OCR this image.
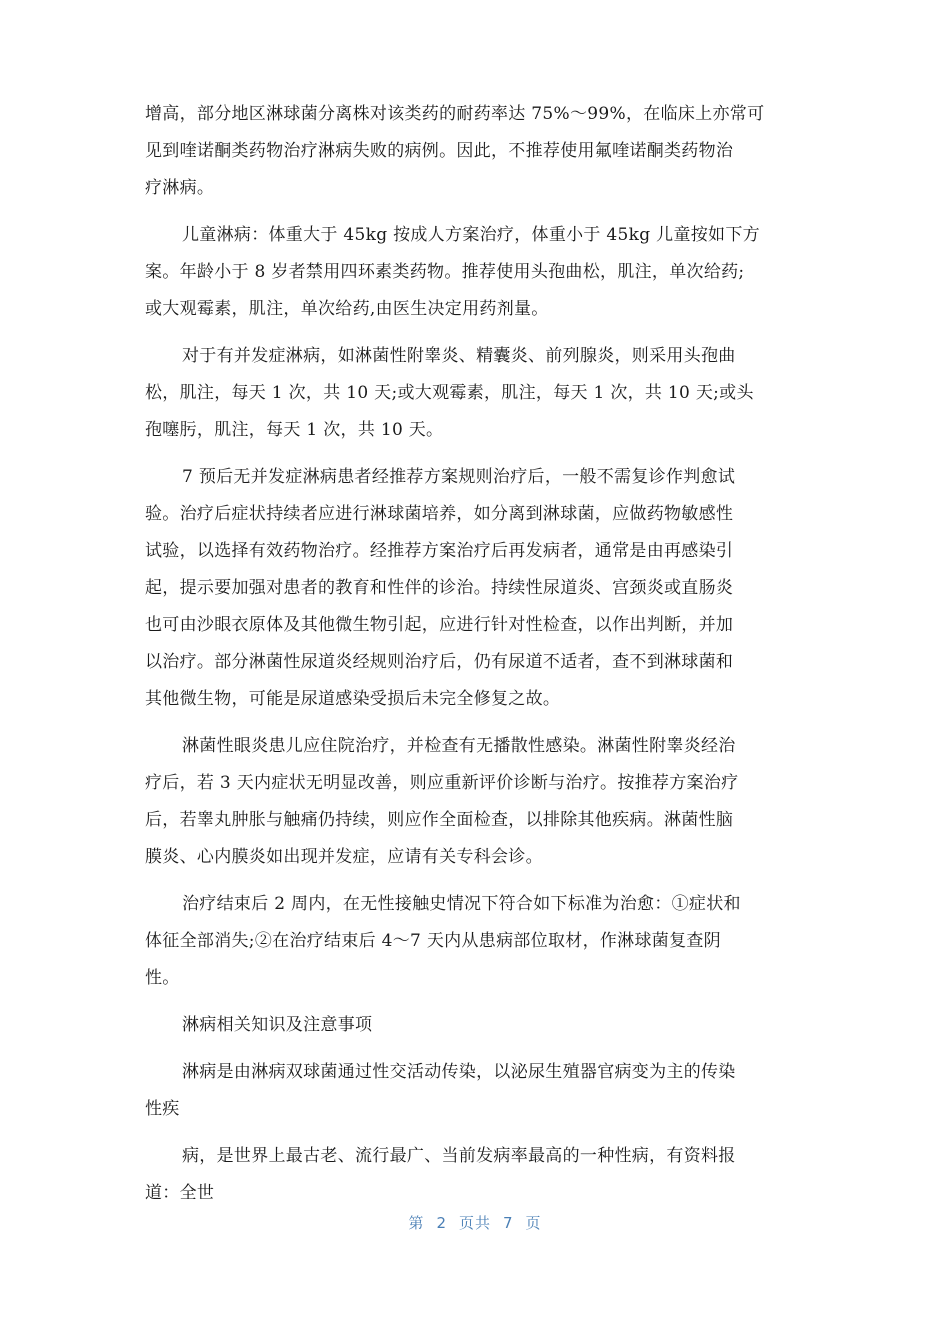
增高，部分地区淋球菌分离株对该类药的耐药率达 75%～99%，在临床上亦常可
见到喹诺酮类药物治疗淋病失败的病例。因此，不推荐使用氟喹诺酮类药物治
疗淋病。

儿童淋病：体重大于 45kg 按成人方案治疗，体重小于 45kg 儿童按如下方
案。年龄小于 8 岁者禁用四环素类药物。推荐使用头孢曲松，肌注，单次给药;
或大观霉素，肌注，单次给药,由医生决定用药剂量。

对于有并发症淋病，如淋菌性附睾炎、精囊炎、前列腺炎，则采用头孢曲
松，肌注，每天 1 次，共 10 天;或大观霉素，肌注，每天 1 次，共 10 天;或头
孢噻肟，肌注，每天 1 次，共 10 天。

7 预后无并发症淋病患者经推荐方案规则治疗后，一般不需复诊作判愈试
验。治疗后症状持续者应进行淋球菌培养，如分离到淋球菌，应做药物敏感性
试验，以选择有效药物治疗。经推荐方案治疗后再发病者，通常是由再感染引
起，提示要加强对患者的教育和性伴的诊治。持续性尿道炎、宫颈炎或直肠炎
也可由沙眼衣原体及其他微生物引起，应进行针对性检查，以作出判断，并加
以治疗。部分淋菌性尿道炎经规则治疗后，仍有尿道不适者，查不到淋球菌和
其他微生物，可能是尿道感染受损后未完全修复之故。

淋菌性眼炎患儿应住院治疗，并检查有无播散性感染。淋菌性附睾炎经治
疗后，若 3 天内症状无明显改善，则应重新评价诊断与治疗。按推荐方案治疗
后，若睾丸肿胀与触痛仍持续，则应作全面检查，以排除其他疾病。淋菌性脑
膜炎、心内膜炎如出现并发症，应请有关专科会诊。

治疗结束后 2 周内，在无性接触史情况下符合如下标准为治愈：①症状和
体征全部消失;②在治疗结束后 4～7 天内从患病部位取材，作淋球菌复查阴
性。

淋病相关知识及注意事项

淋病是由淋病双球菌通过性交活动传染，以泌尿生殖器官病变为主的传染
性疾

病，是世界上最古老、流行最广、当前发病率最高的一种性病，有资料报
道：全世

第 2 页共 7 页
